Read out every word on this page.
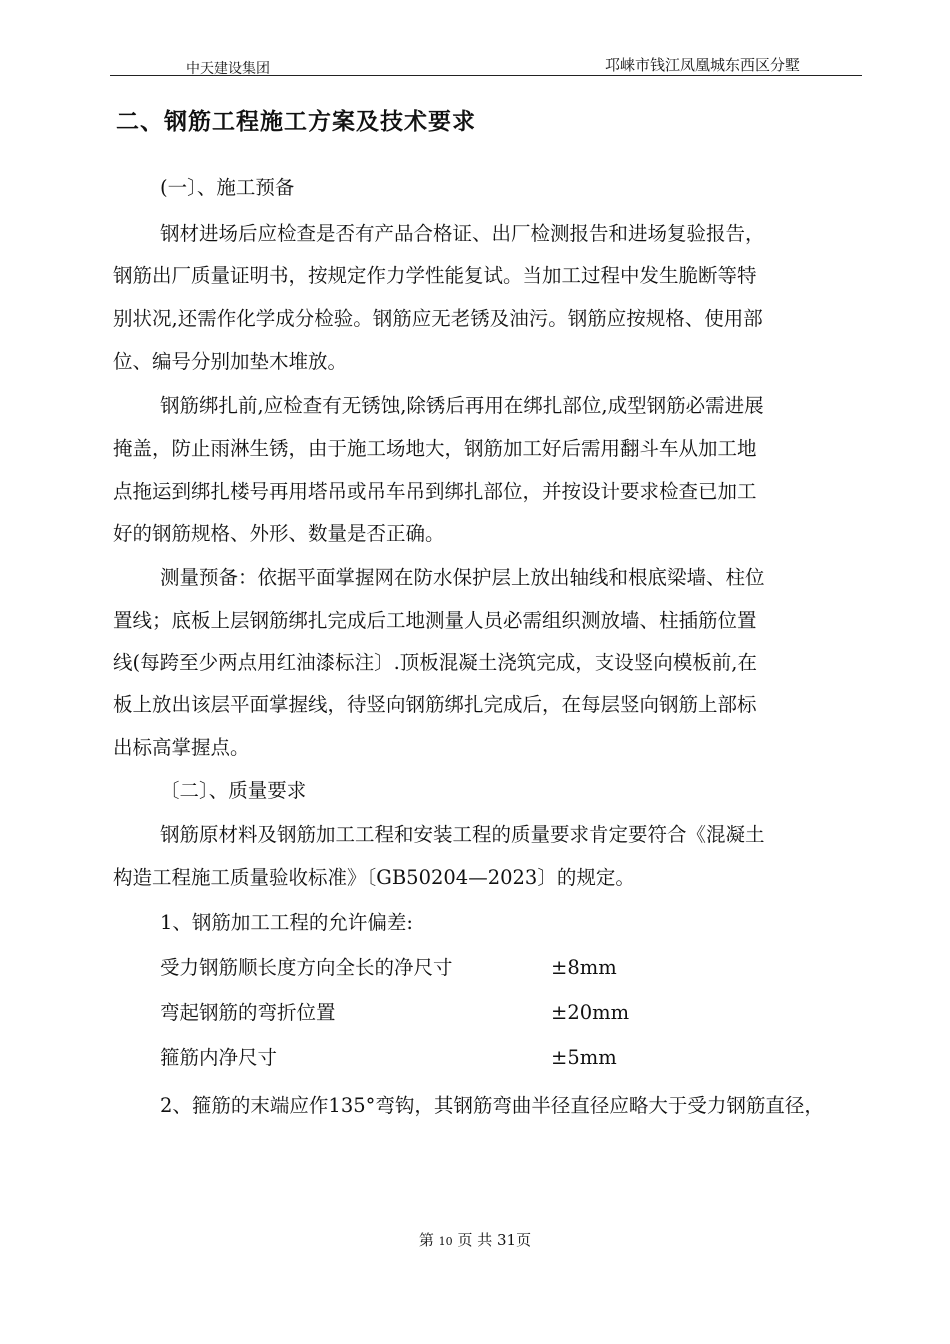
中天建设集团	邛崃市钱江凤凰城东西区分墅
二、钢筋工程施工方案及技术要求
(一〕、施工预备
钢材进场后应检查是否有产品合格证、出厂检测报告和进场复验报告，
钢筋出厂质量证明书，按规定作力学性能复试。当加工过程中发生脆断等特
别状况,还需作化学成分检验。钢筋应无老锈及油污。钢筋应按规格、使用部
位、编号分别加垫木堆放。
钢筋绑扎前,应检查有无锈蚀,除锈后再用在绑扎部位,成型钢筋必需进展
掩盖，防止雨淋生锈，由于施工场地大，钢筋加工好后需用翻斗车从加工地
点拖运到绑扎楼号再用塔吊或吊车吊到绑扎部位，并按设计要求检查已加工
好的钢筋规格、外形、数量是否正确。
测量预备：依据平面掌握网在防水保护层上放出轴线和根底梁墙、柱位
置线；底板上层钢筋绑扎完成后工地测量人员必需组织测放墙、柱插筋位置
线(每跨至少两点用红油漆标注〕.顶板混凝土浇筑完成，支设竖向模板前,在
板上放出该层平面掌握线，待竖向钢筋绑扎完成后，在每层竖向钢筋上部标
出标高掌握点。
〔二〕、质量要求
钢筋原材料及钢筋加工工程和安装工程的质量要求肯定要符合《混凝土
构造工程施工质量验收标准》〔GB50204—2023〕的规定。
1、钢筋加工工程的允许偏差:
受力钢筋顺长度方向全长的净尺寸	±8mm
弯起钢筋的弯折位置	±20mm
箍筋内净尺寸	±5mm
2、箍筋的末端应作135°弯钩，其钢筋弯曲半径直径应略大于受力钢筋直径，
第 10 页 共 31页
